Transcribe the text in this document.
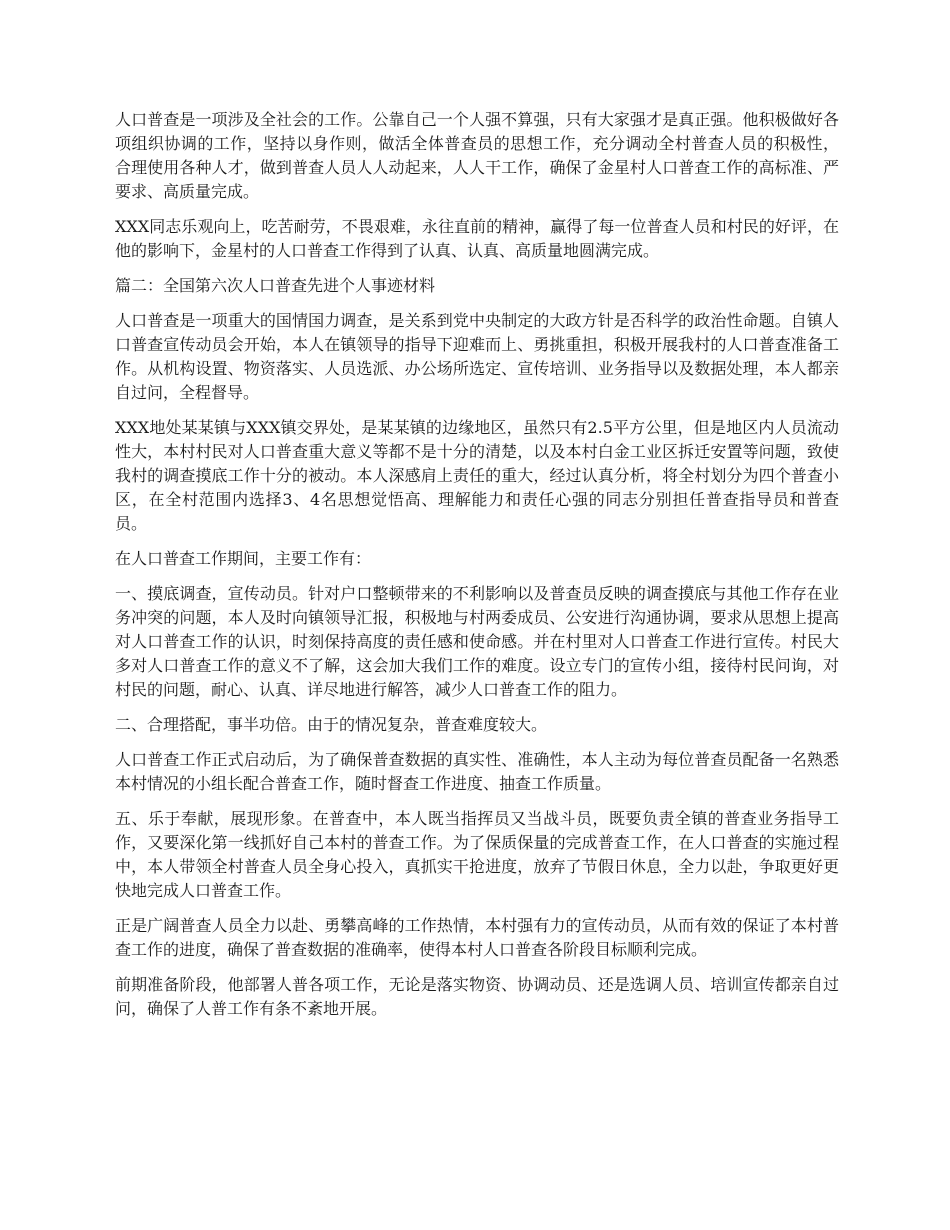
人口普查是一项涉及全社会的工作。公靠自己一个人强不算强，只有大家强才是真正强。他积极做好各项组织协调的工作，坚持以身作则，做活全体普查员的思想工作，充分调动全村普查人员的积极性， 合理使用各种人才，做到普查人员人人动起来，人人干工作，确保了金星村人口普查工作的高标准、严要求、高质量完成。

XXX同志乐观向上，吃苦耐劳，不畏艰难，永往直前的精神，赢得了每一位普查人员和村民的好评，在他的影响下，金星村的人口普查工作得到了认真、认真、高质量地圆满完成。

篇二：全国第六次人口普查先进个人事迹材料

人口普查是一项重大的国情国力调查，是关系到党中央制定的大政方针是否科学的政治性命题。自镇人口普查宣传动员会开始，本人在镇领导的指导下迎难而上、勇挑重担，积极开展我村的人口普查准备工作。从机构设置、物资落实、人员选派、办公场所选定、宣传培训、业务指导以及数据处理，本人都亲自过问，全程督导。

XXX地处某某镇与XXX镇交界处，是某某镇的边缘地区，虽然只有2.5平方公里，但是地区内人员流动性大，本村村民对人口普查重大意义等都不是十分的清楚，以及本村白金工业区拆迁安置等问题，致使我村的调查摸底工作十分的被动。本人深感肩上责任的重大，经过认真分析，将全村划分为四个普查小区，在全村范围内选择3、4名思想觉悟高、理解能力和责任心强的同志分别担任普查指导员和普查员。

在人口普查工作期间，主要工作有：

一、摸底调查，宣传动员。针对户口整顿带来的不利影响以及普查员反映的调查摸底与其他工作存在业务冲突的问题，本人及时向镇领导汇报，积极地与村两委成员、公安进行沟通协调，要求从思想上提高对人口普查工作的认识，时刻保持高度的责任感和使命感。并在村里对人口普查工作进行宣传。村民大多对人口普查工作的意义不了解，这会加大我们工作的难度。设立专门的宣传小组，接待村民问询，对村民的问题，耐心、认真、详尽地进行解答，减少人口普查工作的阻力。

二、合理搭配，事半功倍。由于的情况复杂，普查难度较大。

人口普查工作正式启动后，为了确保普查数据的真实性、准确性，本人主动为每位普查员配备一名熟悉本村情况的小组长配合普查工作，随时督查工作进度、抽查工作质量。

五、乐于奉献，展现形象。在普查中，本人既当指挥员又当战斗员，既要负责全镇的普查业务指导工作，又要深化第一线抓好自己本村的普查工作。为了保质保量的完成普查工作，在人口普查的实施过程中，本人带领全村普查人员全身心投入，真抓实干抢进度，放弃了节假日休息，全力以赴，争取更好更快地完成人口普查工作。

正是广阔普查人员全力以赴、勇攀高峰的工作热情，本村强有力的宣传动员，从而有效的保证了本村普查工作的进度，确保了普查数据的准确率，使得本村人口普查各阶段目标顺利完成。

前期准备阶段，他部署人普各项工作，无论是落实物资、协调动员、还是选调人员、培训宣传都亲自过问，确保了人普工作有条不紊地开展。
